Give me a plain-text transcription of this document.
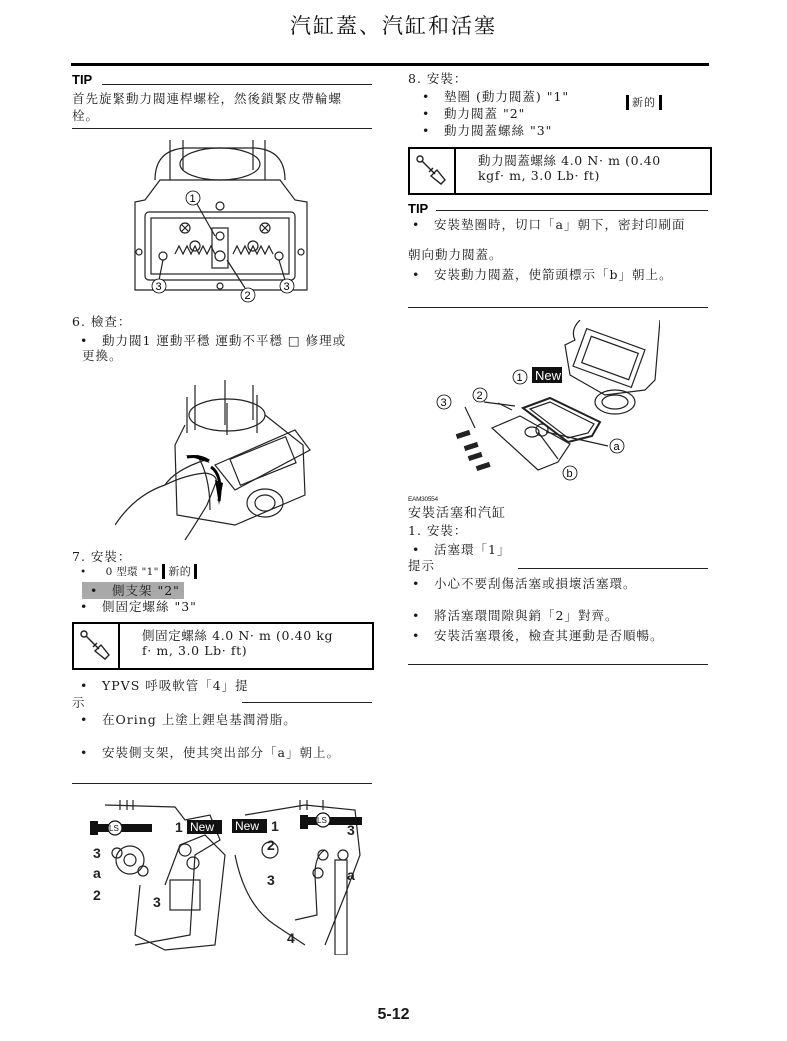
汽缸蓋、汽缸和活塞
TIP
首先旋緊動力閥連桿螺栓，然後鎖緊皮帶輪螺
栓。
1
2
3	3
6. 檢查：
• 動力閥1 運動平穩 運動不平穩 □ 修理或
更換。
7. 安裝：
• 0 型環 "1" 新的
• 側支架 "2"
• 側固定螺絲 "3"
側固定螺絲 4.0 N· m (0.40 kg
f· m, 3.0 Lb· ft)
• YPVS 呼吸軟管「4」提
示
• 在Oring 上塗上鋰皂基潤滑脂。
• 安裝側支架，使其突出部分「a」朝上。
LS
LS
New New
1
3
a
2	3
1	3
2
a
3
4
8. 安裝：
• 墊圈 (動力閥蓋) "1"	新的
• 動力閥蓋 "2"
• 動力閥蓋螺絲 "3"
動力閥蓋螺絲 4.0 N· m (0.40
kgf· m, 3.0 Lb· ft)
TIP
• 安裝墊圈時，切口「a」朝下，密封印刷面
朝向動力閥蓋。
• 安裝動力閥蓋，使箭頭標示「b」朝上。
New
1
2
3
a
b
EAM30554
安裝活塞和汽缸
1. 安裝：
• 活塞環「1」
提示
• 小心不要刮傷活塞或損壞活塞環。
• 將活塞環間隙與銷「2」對齊。
• 安裝活塞環後，檢查其運動是否順暢。
5-12
